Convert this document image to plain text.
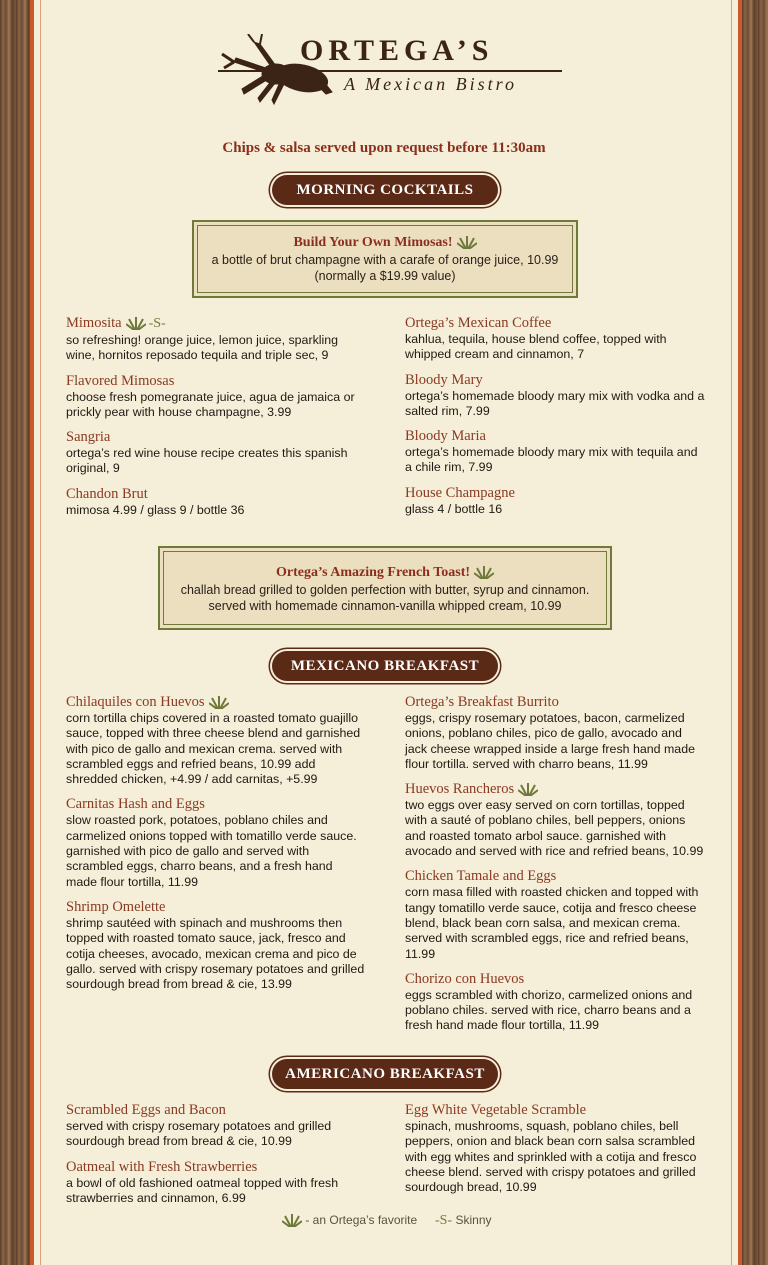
ORTEGA’S
A Mexican Bistro
Chips & salsa served upon request before 11:30am
MORNING COCKTAILS
Build Your Own Mimosas!
a bottle of brut champagne with a carafe of orange juice, 10.99
(normally a $19.99 value)
Mimosita -S-
so refreshing! orange juice, lemon juice, sparkling wine, hornitos reposado tequila and triple sec, 9
Flavored Mimosas
choose fresh pomegranate juice, agua de jamaica or prickly pear with house champagne, 3.99
Sangria
ortega’s red wine house recipe creates this spanish original, 9
Chandon Brut
mimosa 4.99 / glass 9 / bottle 36
Ortega’s Mexican Coffee
kahlua, tequila, house blend coffee, topped with whipped cream and cinnamon, 7
Bloody Mary
ortega’s homemade bloody mary mix with vodka and a salted rim, 7.99
Bloody Maria
ortega’s homemade bloody mary mix with tequila and a chile rim, 7.99
House Champagne
glass 4 / bottle 16
Ortega’s Amazing French Toast!
challah bread grilled to golden perfection with butter, syrup and cinnamon.
served with homemade cinnamon-vanilla whipped cream, 10.99
MEXICANO BREAKFAST
Chilaquiles con Huevos
corn tortilla chips covered in a roasted tomato guajillo sauce, topped with three cheese blend and garnished with pico de gallo and mexican crema. served with scrambled eggs and refried beans, 10.99 add shredded chicken, +4.99 / add carnitas, +5.99
Carnitas Hash and Eggs
slow roasted pork, potatoes, poblano chiles and carmelized onions topped with tomatillo verde sauce. garnished with pico de gallo and served with scrambled eggs, charro beans, and a fresh hand made flour tortilla, 11.99
Shrimp Omelette
shrimp sautéed with spinach and mushrooms then topped with roasted tomato sauce, jack, fresco and cotija cheeses, avocado, mexican crema and pico de gallo. served with crispy rosemary potatoes and grilled sourdough bread from bread & cie, 13.99
Ortega’s Breakfast Burrito
eggs, crispy rosemary potatoes, bacon, carmelized onions, poblano chiles, pico de gallo, avocado and jack cheese wrapped inside a large fresh hand made flour tortilla. served with charro beans, 11.99
Huevos Rancheros
two eggs over easy served on corn tortillas, topped with a sauté of poblano chiles, bell peppers, onions and roasted tomato arbol sauce. garnished with avocado and served with rice and refried beans, 10.99
Chicken Tamale and Eggs
corn masa filled with roasted chicken and topped with tangy tomatillo verde sauce, cotija and fresco cheese blend, black bean corn salsa, and mexican crema. served with scrambled eggs, rice and refried beans, 11.99
Chorizo con Huevos
eggs scrambled with chorizo, carmelized onions and poblano chiles. served with rice, charro beans and a fresh hand made flour tortilla, 11.99
AMERICANO BREAKFAST
Scrambled Eggs and Bacon
served with crispy rosemary potatoes and grilled sourdough bread from bread & cie, 10.99
Oatmeal with Fresh Strawberries
a bowl of old fashioned oatmeal topped with fresh strawberries and cinnamon, 6.99
Egg White Vegetable Scramble
spinach, mushrooms, squash, poblano chiles, bell peppers, onion and black bean corn salsa scrambled with egg whites and sprinkled with a cotija and fresco cheese blend. served with crispy potatoes and grilled sourdough bread, 10.99
- an Ortega’s favorite -S- Skinny
